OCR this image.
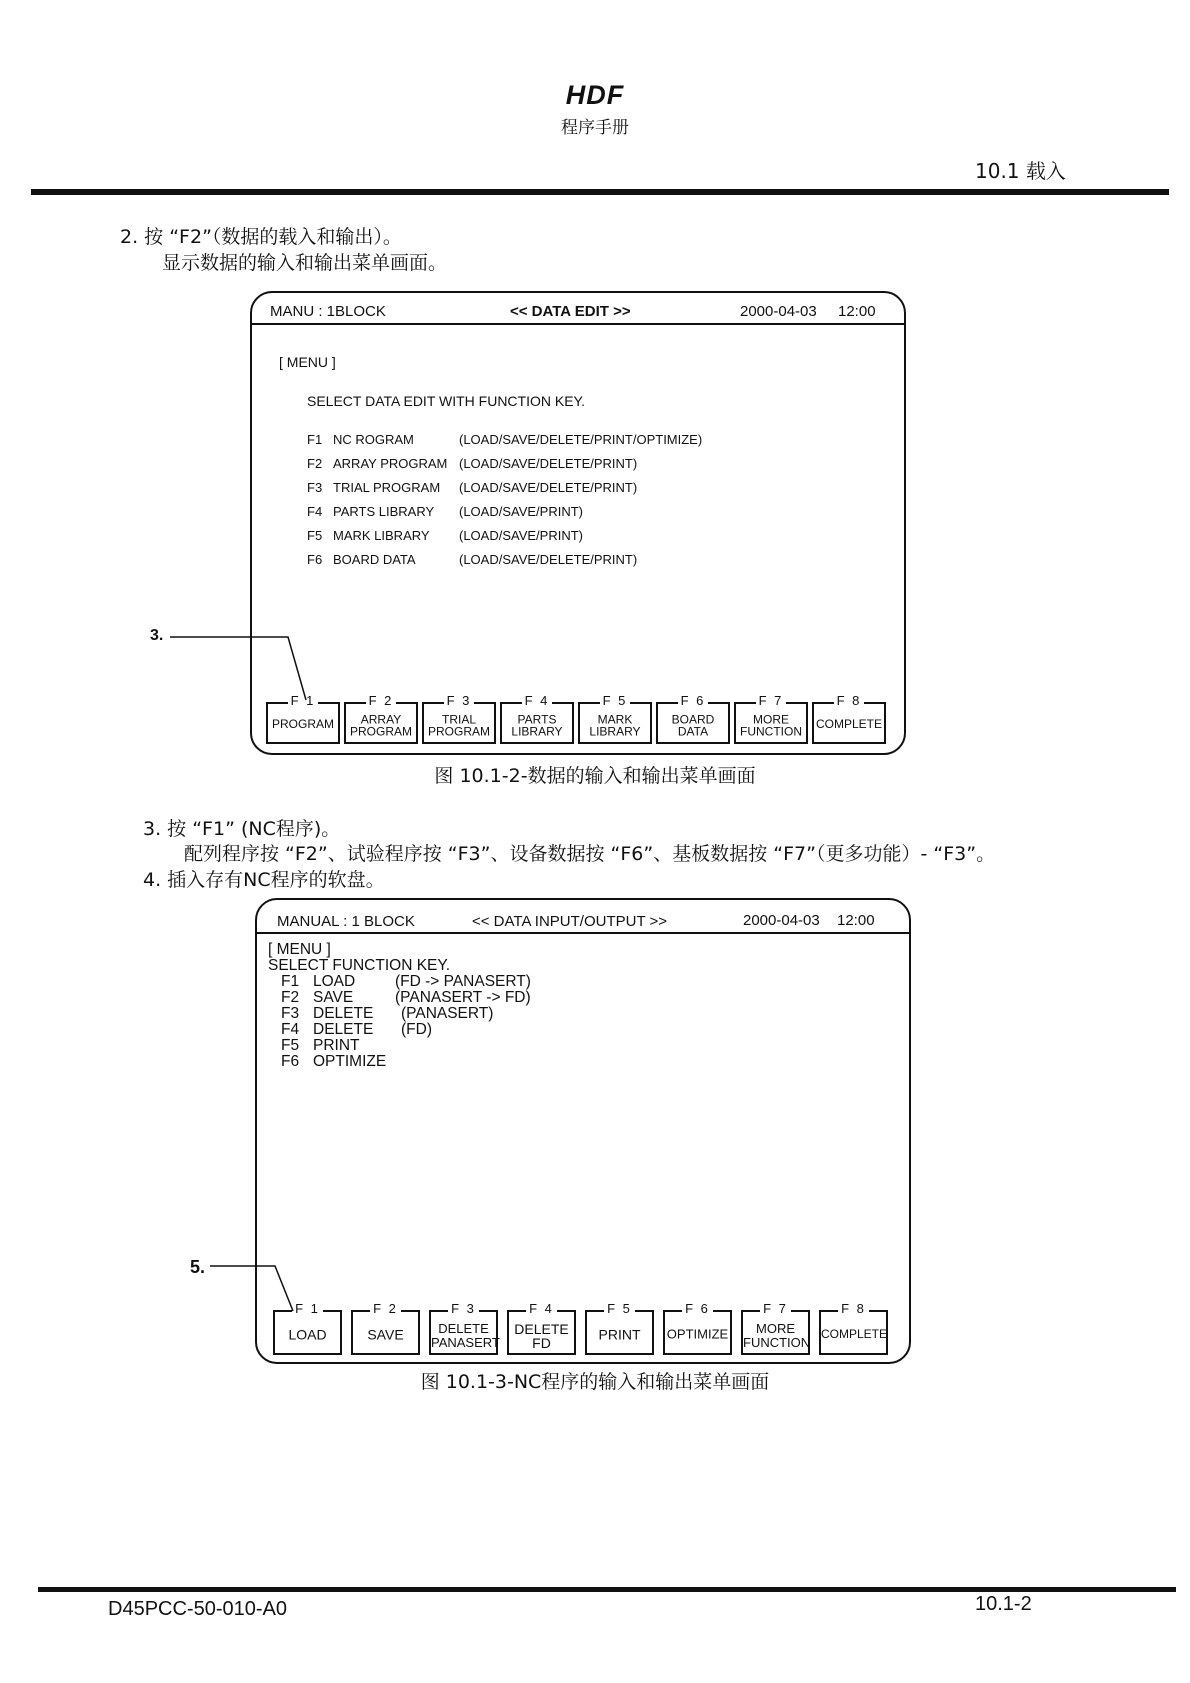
HDF
程序手册
10.1 载入
2. 按 “F2”（数据的载入和输出）。
显示数据的输入和输出菜单画面。
MANU : 1BLOCK	<< DATA EDIT >>	2000-04-03 12:00
[ MENU ]
SELECT DATA EDIT WITH FUNCTION KEY.
F1 NC ROGRAM	(LOAD/SAVE/DELETE/PRINT/OPTIMIZE)
F2 ARRAY PROGRAM (LOAD/SAVE/DELETE/PRINT)
F3 TRIAL PROGRAM (LOAD/SAVE/DELETE/PRINT)
F4 PARTS LIBRARY (LOAD/SAVE/PRINT)
F5 MARK LIBRARY (LOAD/SAVE/PRINT)
F6 BOARD DATA	(LOAD/SAVE/DELETE/PRINT)
F 1
PROGRAM
F 2
ARRAY
PROGRAM
F 3
TRIAL
PROGRAM
F 4
PARTS
LIBRARY
F 5
MARK
LIBRARY
F 6
BOARD
DATA
F 7
MORE
FUNCTION
F 8
COMPLETE
3.
图 10.1-2-数据的输入和输出菜单画面
3. 按 “F1” (NC程序)。
配列程序按 “F2”、试验程序按 “F3”、设备数据按 “F6”、基板数据按 “F7”（更多功能）- “F3”。
4. 插入存有NC程序的软盘。
MANUAL : 1 BLOCK	<< DATA INPUT/OUTPUT >>	2000-04-03 12:00
[ MENU ]
SELECT FUNCTION KEY.
F1 LOAD	(FD -> PANASERT)
F2 SAVE	(PANASERT -> FD)
F3 DELETE (PANASERT)
F4 DELETE (FD)
F5 PRINT
F6 OPTIMIZE
F 1
LOAD
F 2
SAVE
F 3
DELETE
PANASERT
F 4
DELETE
FD
F 5
PRINT
F 6
OPTIMIZE
F 7
MORE
FUNCTION
F 8
COMPLETE
5.
图 10.1-3-NC程序的输入和输出菜单画面
D45PCC-50-010-A0	10.1-2
